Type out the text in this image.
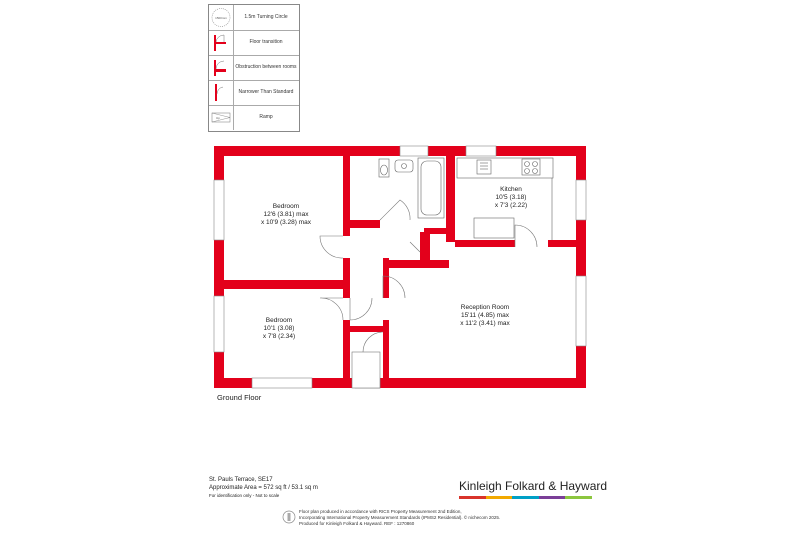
1500mm	1.5m Turning Circle
Floor transition
Obstruction between rooms
Narrower Than Standard
Up	Ramp
Bedroom
12'6 (3.81) max
x 10'9 (3.28) max
Bedroom
10'1 (3.08)
x 7'8 (2.34)
Kitchen
10'5 (3.18)
x 7'3 (2.22)
Reception Room
15'11 (4.85) max
x 11'2 (3.41) max
Ground Floor
St. Pauls Terrace, SE17
Approximate Area = 572 sq ft / 53.1 sq m
For identification only - Not to scale
Kinleigh Folkard & Hayward
Floor plan produced in accordance with RICS Property Measurement 2nd Edition,
Incorporating International Property Measurement Standards (IPMS2 Residential). © nichecom 2025.
Produced for Kinleigh Folkard & Hayward. REF : 1270860
